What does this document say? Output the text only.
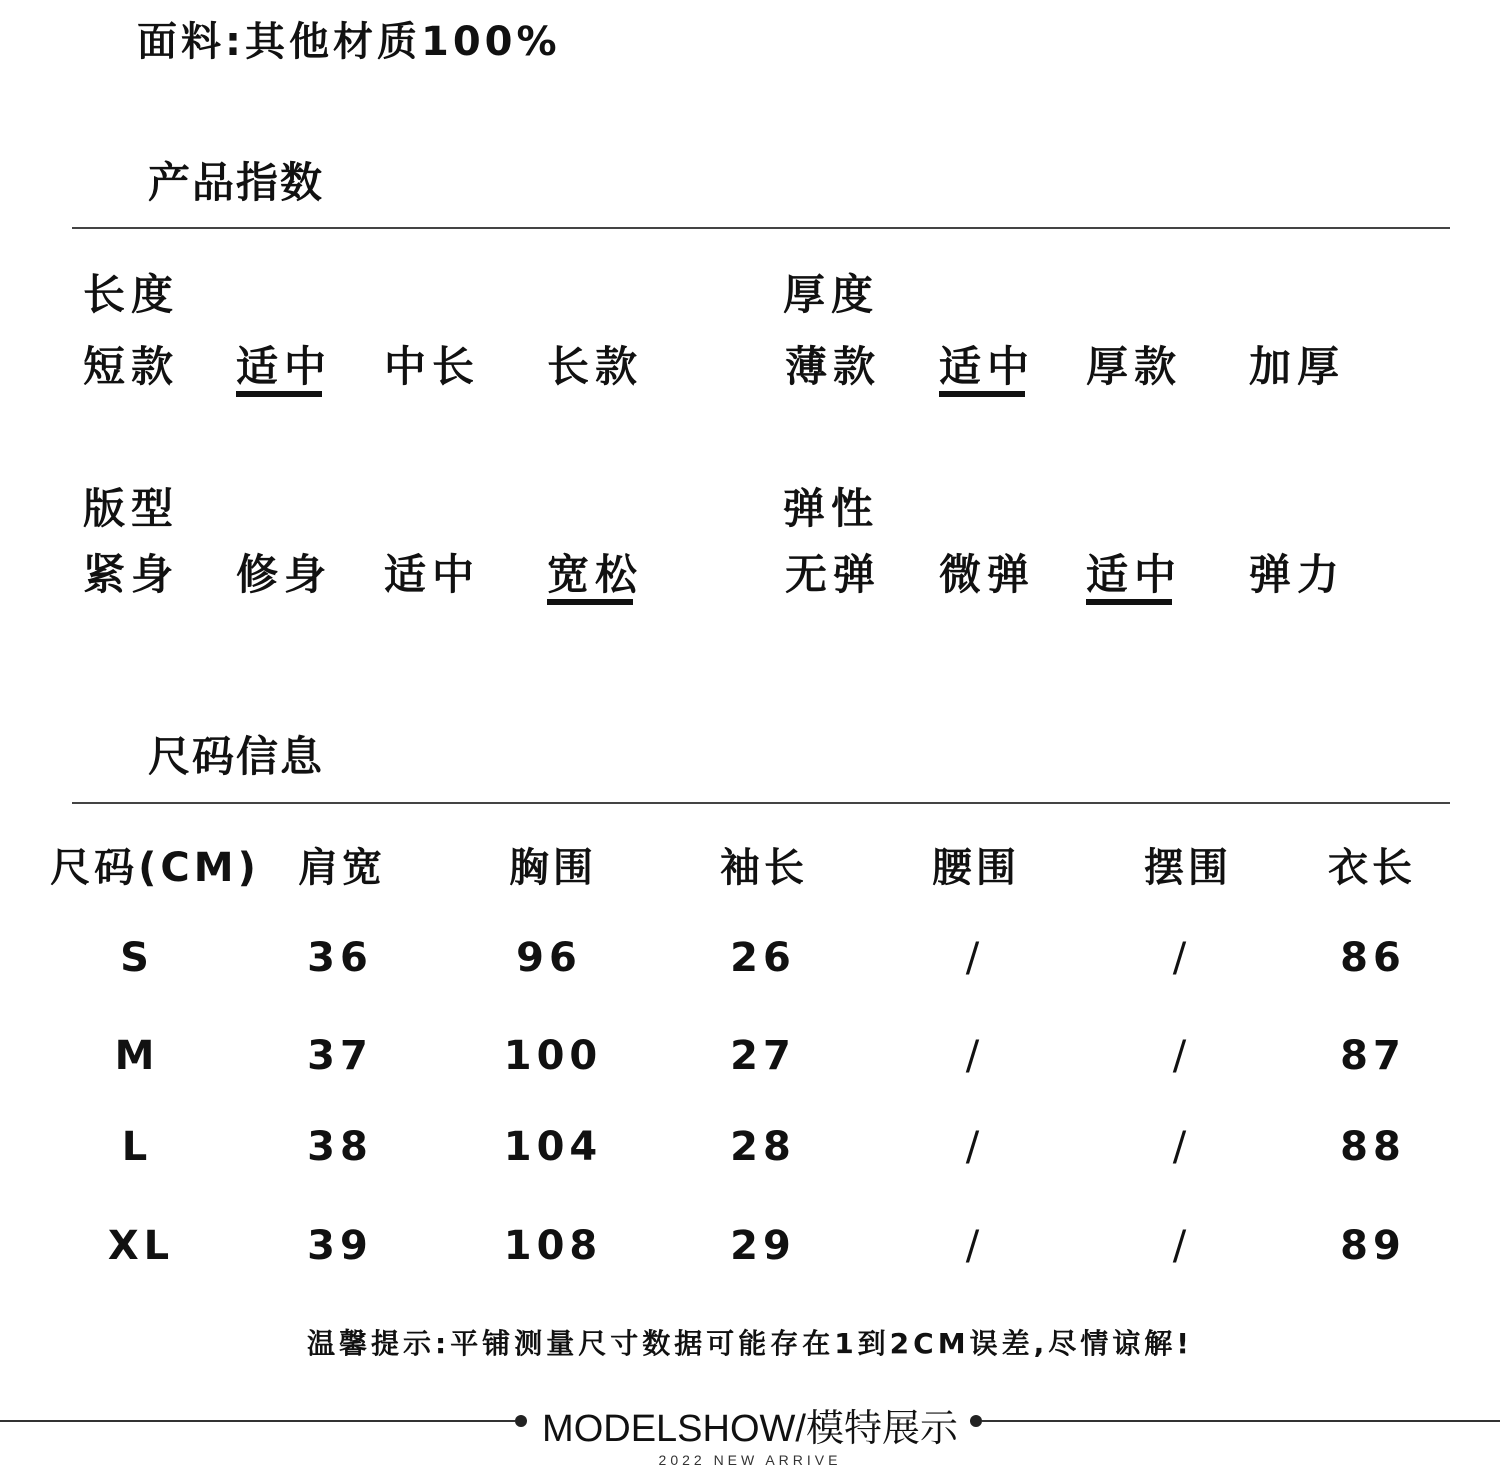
面料:其他材质100%
产品指数
长度
短款 适中 中长 长款
厚度
薄款 适中 厚款 加厚
版型
紧身 修身 适中 宽松
弹性
无弹 微弹 适中 弹力
尺码信息
尺码(CM) 肩宽	胸围	袖长	腰围	摆围 衣长
S	36	96	26	/	/	86
M	37	100	27	/	/	87
L	38	104	28	/	/	88
XL	39	108	29	/	/	89
温馨提示:平铺测量尺寸数据可能存在1到2CM误差,尽情谅解!
MODELSHOW/模特展示
2022 NEW ARRIVE
